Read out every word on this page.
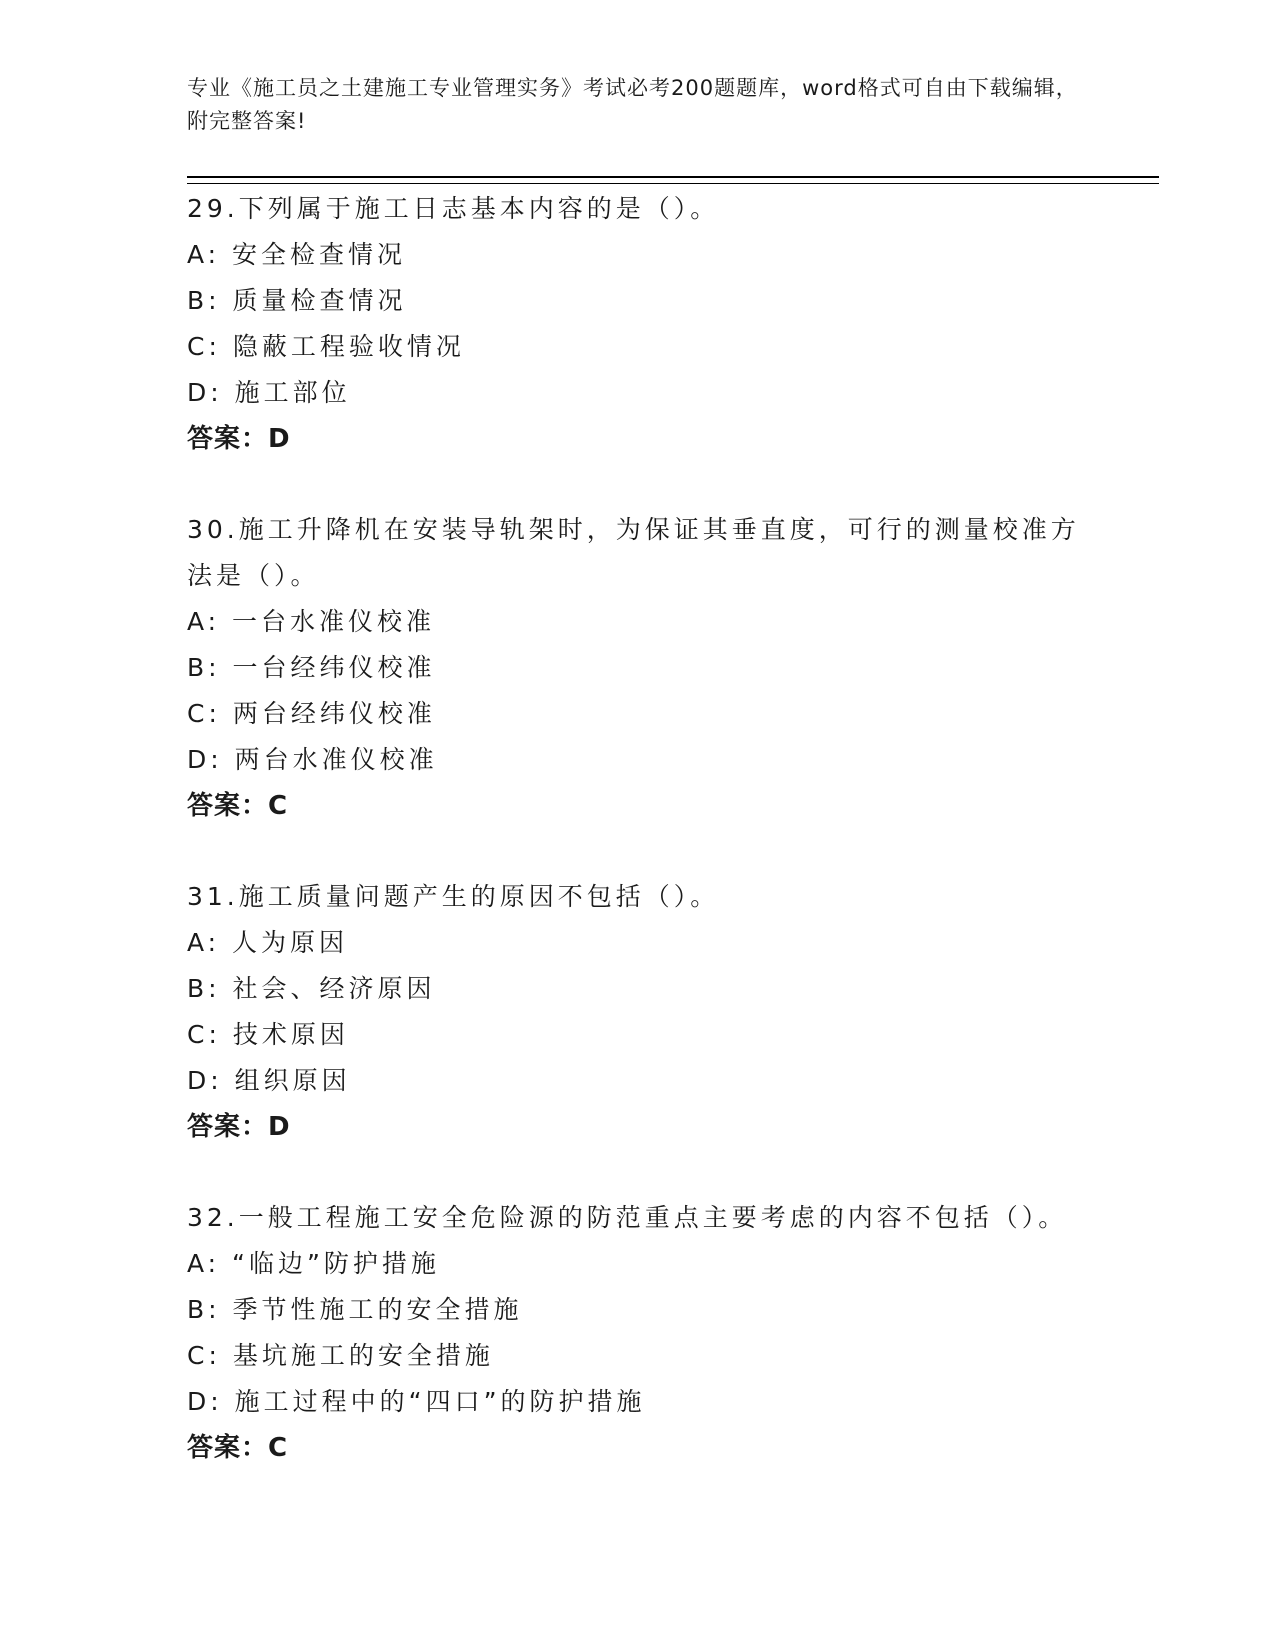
专业《施工员之土建施工专业管理实务》考试必考200题题库，word格式可自由下载编辑，附完整答案!
29.下列属于施工日志基本内容的是（）。
A: 安全检查情况
B: 质量检查情况
C: 隐蔽工程验收情况
D: 施工部位
答案：D
30.施工升降机在安装导轨架时，为保证其垂直度，可行的测量校准方法是（）。
A: 一台水准仪校准
B: 一台经纬仪校准
C: 两台经纬仪校准
D: 两台水准仪校准
答案：C
31.施工质量问题产生的原因不包括（）。
A: 人为原因
B: 社会、经济原因
C: 技术原因
D: 组织原因
答案：D
32.一般工程施工安全危险源的防范重点主要考虑的内容不包括（）。
A: “临边”防护措施
B: 季节性施工的安全措施
C: 基坑施工的安全措施
D: 施工过程中的“四口”的防护措施
答案：C
